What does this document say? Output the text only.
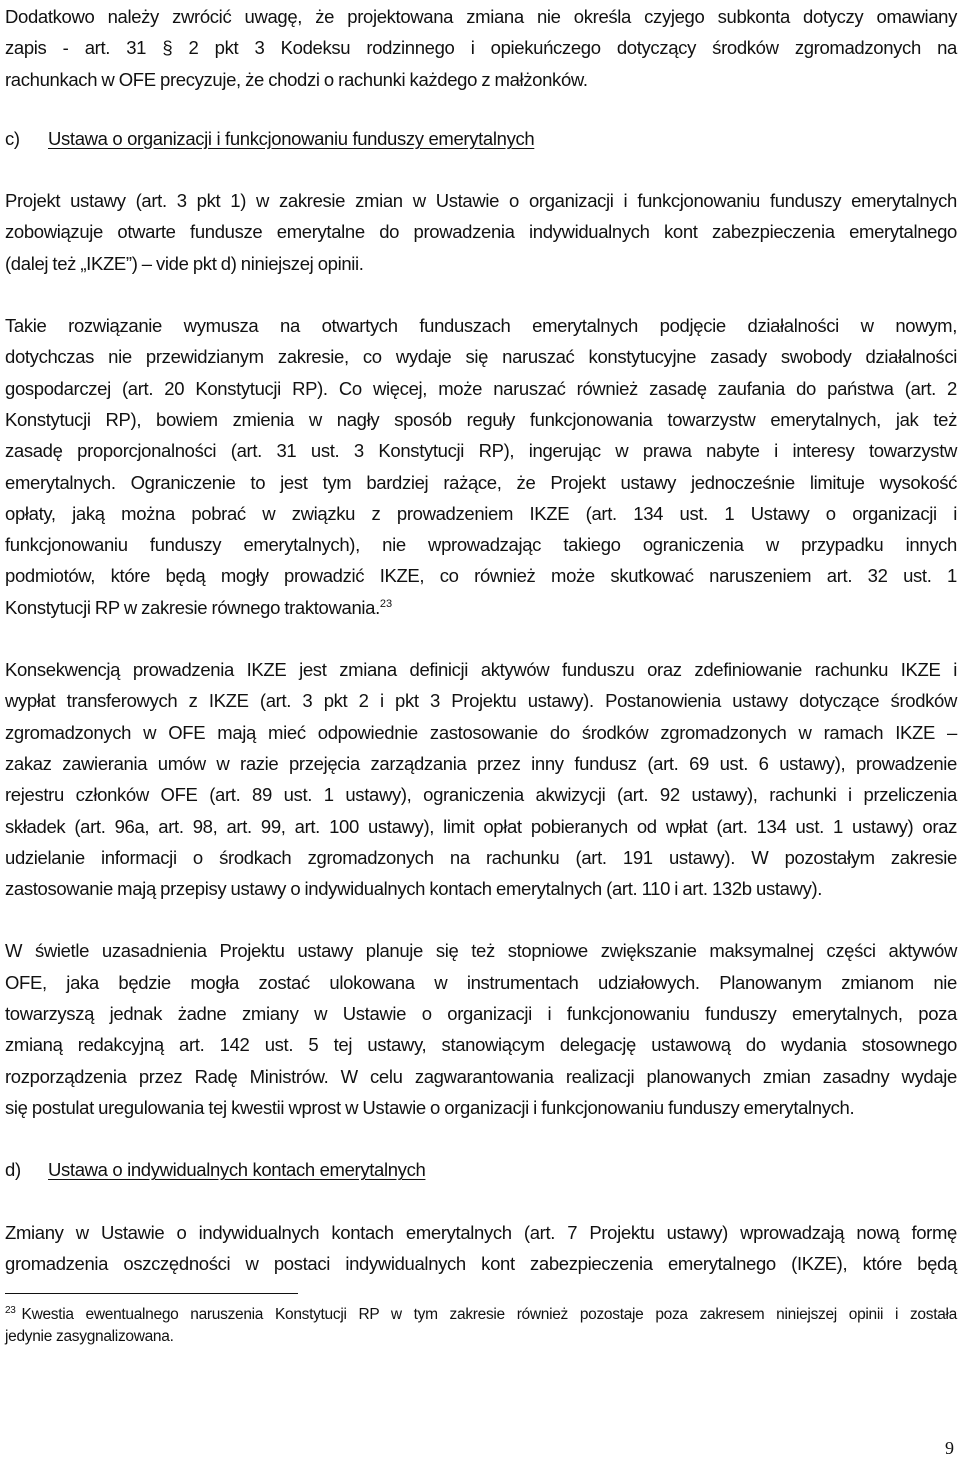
Dodatkowo należy zwrócić uwagę, że projektowana zmiana nie określa czyjego subkonta dotyczy omawiany
zapis - art. 31 § 2 pkt 3 Kodeksu rodzinnego i opiekuńczego dotyczący środków zgromadzonych na
rachunkach w OFE precyzuje, że chodzi o rachunki każdego z małżonków.

c)	Ustawa o organizacji i funkcjonowaniu funduszy emerytalnych

Projekt ustawy (art. 3 pkt 1) w zakresie zmian w Ustawie o organizacji i funkcjonowaniu funduszy emerytalnych
zobowiązuje otwarte fundusze emerytalne do prowadzenia indywidualnych kont zabezpieczenia emerytalnego
(dalej też „IKZE”) – vide pkt d) niniejszej opinii.

Takie rozwiązanie wymusza na otwartych funduszach emerytalnych podjęcie działalności w nowym,
dotychczas nie przewidzianym zakresie, co wydaje się naruszać konstytucyjne zasady swobody działalności
gospodarczej (art. 20 Konstytucji RP). Co więcej, może naruszać również zasadę zaufania do państwa (art. 2
Konstytucji RP), bowiem zmienia w nagły sposób reguły funkcjonowania towarzystw emerytalnych, jak też
zasadę proporcjonalności (art. 31 ust. 3 Konstytucji RP), ingerując w prawa nabyte i interesy towarzystw
emerytalnych. Ograniczenie to jest tym bardziej rażące, że Projekt ustawy jednocześnie limituje wysokość
opłaty, jaką można pobrać w związku z prowadzeniem IKZE (art. 134 ust. 1 Ustawy o organizacji i
funkcjonowaniu funduszy emerytalnych), nie wprowadzając takiego ograniczenia w przypadku innych
podmiotów, które będą mogły prowadzić IKZE, co również może skutkować naruszeniem art. 32 ust. 1
Konstytucji RP w zakresie równego traktowania.$^{23}$

Konsekwencją prowadzenia IKZE jest zmiana definicji aktywów funduszu oraz zdefiniowanie rachunku IKZE i
wypłat transferowych z IKZE (art. 3 pkt 2 i pkt 3 Projektu ustawy). Postanowienia ustawy dotyczące środków
zgromadzonych w OFE mają mieć odpowiednie zastosowanie do środków zgromadzonych w ramach IKZE –
zakaz zawierania umów w razie przejęcia zarządzania przez inny fundusz (art. 69 ust. 6 ustawy), prowadzenie
rejestru członków OFE (art. 89 ust. 1 ustawy), ograniczenia akwizycji (art. 92 ustawy), rachunki i przeliczenia
składek (art. 96a, art. 98, art. 99, art. 100 ustawy), limit opłat pobieranych od wpłat (art. 134 ust. 1 ustawy) oraz
udzielanie informacji o środkach zgromadzonych na rachunku (art. 191 ustawy). W pozostałym zakresie
zastosowanie mają przepisy ustawy o indywidualnych kontach emerytalnych (art. 110 i art. 132b ustawy).

W świetle uzasadnienia Projektu ustawy planuje się też stopniowe zwiększanie maksymalnej części aktywów
OFE, jaka będzie mogła zostać ulokowana w instrumentach udziałowych. Planowanym zmianom nie
towarzyszą jednak żadne zmiany w Ustawie o organizacji i funkcjonowaniu funduszy emerytalnych, poza
zmianą redakcyjną art. 142 ust. 5 tej ustawy, stanowiącym delegację ustawową do wydania stosownego
rozporządzenia przez Radę Ministrów. W celu zagwarantowania realizacji planowanych zmian zasadny wydaje
się postulat uregulowania tej kwestii wprost w Ustawie o organizacji i funkcjonowaniu funduszy emerytalnych.

d)	Ustawa o indywidualnych kontach emerytalnych

Zmiany w Ustawie o indywidualnych kontach emerytalnych (art. 7 Projektu ustawy) wprowadzają nową formę
gromadzenia oszczędności w postaci indywidualnych kont zabezpieczenia emerytalnego (IKZE), które będą

$^{23}$ Kwestia ewentualnego naruszenia Konstytucji RP w tym zakresie również pozostaje poza zakresem niniejszej opinii i została
jedynie zasygnalizowana.
9
